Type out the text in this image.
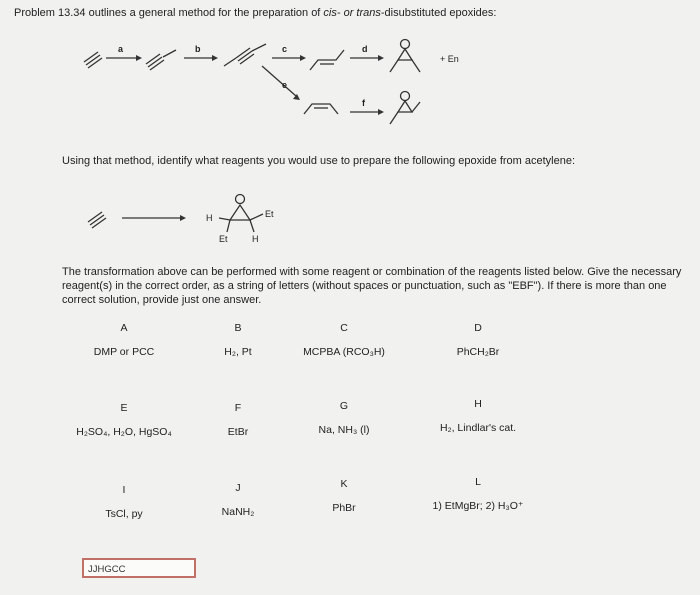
Problem 13.34 outlines a general method for the preparation of cis- or trans-disubstituted epoxides:
a	b	c	d
e
f
+ En
H	Et
Et	H
Using that method, identify what reagents you would use to prepare the following epoxide from acetylene:
The transformation above can be performed with some reagent or combination of the reagents listed below. Give the necessary reagent(s) in the correct order, as a string of letters (without spaces or punctuation, such as "EBF"). If there is more than one correct solution, provide just one answer.
A
DMP or PCC
B
H₂, Pt
C
MCPBA (RCO₃H)
D
PhCH₂Br
E
H₂SO₄, H₂O, HgSO₄
F
EtBr
G
Na, NH₃ (l)
H
H₂, Lindlar's cat.
I
TsCl, py
J
NaNH₂
K
PhBr
L
1) EtMgBr; 2) H₃O⁺
JJHGCC
